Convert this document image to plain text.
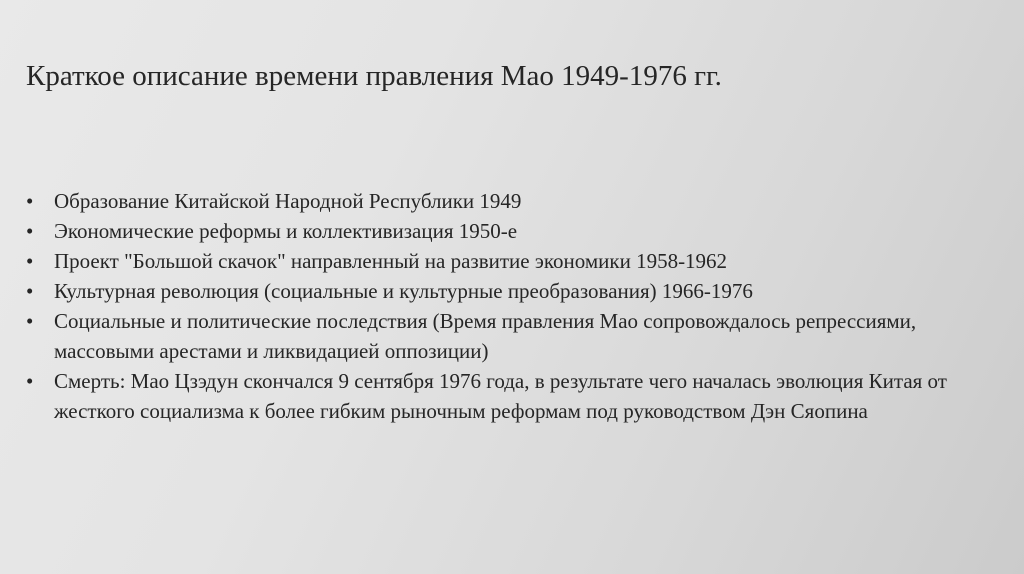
Краткое описание времени правления Мао 1949-1976 гг.
• Образование Китайской Народной Республики 1949
• Экономические реформы и коллективизация 1950-е
• Проект "Большой скачок" направленный на развитие экономики 1958-1962
• Культурная революция (социальные и культурные преобразования) 1966-1976
• Социальные и политические последствия (Время правления Мао сопровождалось репрессиями, массовыми арестами и ликвидацией оппозиции)
• Смерть: Мао Цзэдун скончался 9 сентября 1976 года, в результате чего началась эволюция Китая от жесткого социализма к более гибким рыночным реформам под руководством Дэн Сяопина
